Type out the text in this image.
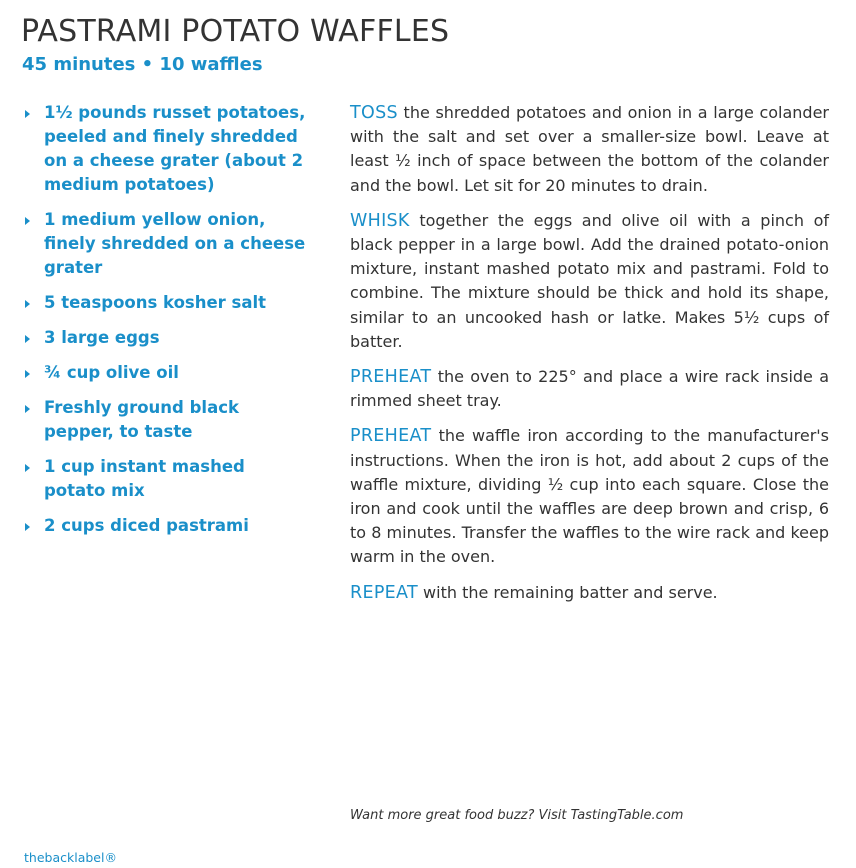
PASTRAMI POTATO WAFFLES
45 minutes • 10 waffles
1½ pounds russet potatoes, peeled and finely shredded on a cheese grater (about 2 medium potatoes)
1 medium yellow onion, finely shredded on a cheese grater
5 teaspoons kosher salt
3 large eggs
¾ cup olive oil
Freshly ground black pepper, to taste
1 cup instant mashed potato mix
2 cups diced pastrami

TOSS the shredded potatoes and onion in a large colander with the salt and set over a smaller-size bowl. Leave at least ½ inch of space between the bottom of the colander and the bowl. Let sit for 20 minutes to drain.

WHISK together the eggs and olive oil with a pinch of black pepper in a large bowl. Add the drained potato-onion mixture, instant mashed potato mix and pastrami. Fold to combine. The mixture should be thick and hold its shape, similar to an uncooked hash or latke. Makes 5½ cups of batter.

PREHEAT the oven to 225° and place a wire rack inside a rimmed sheet tray.

PREHEAT the waffle iron according to the manufacturer's instructions. When the iron is hot, add about 2 cups of the waffle mixture, dividing ½ cup into each square. Close the iron and cook until the waffles are deep brown and crisp, 6 to 8 minutes. Transfer the waffles to the wire rack and keep warm in the oven.

REPEAT with the remaining batter and serve.

Want more great food buzz? Visit TastingTable.com
thebacklabel®
